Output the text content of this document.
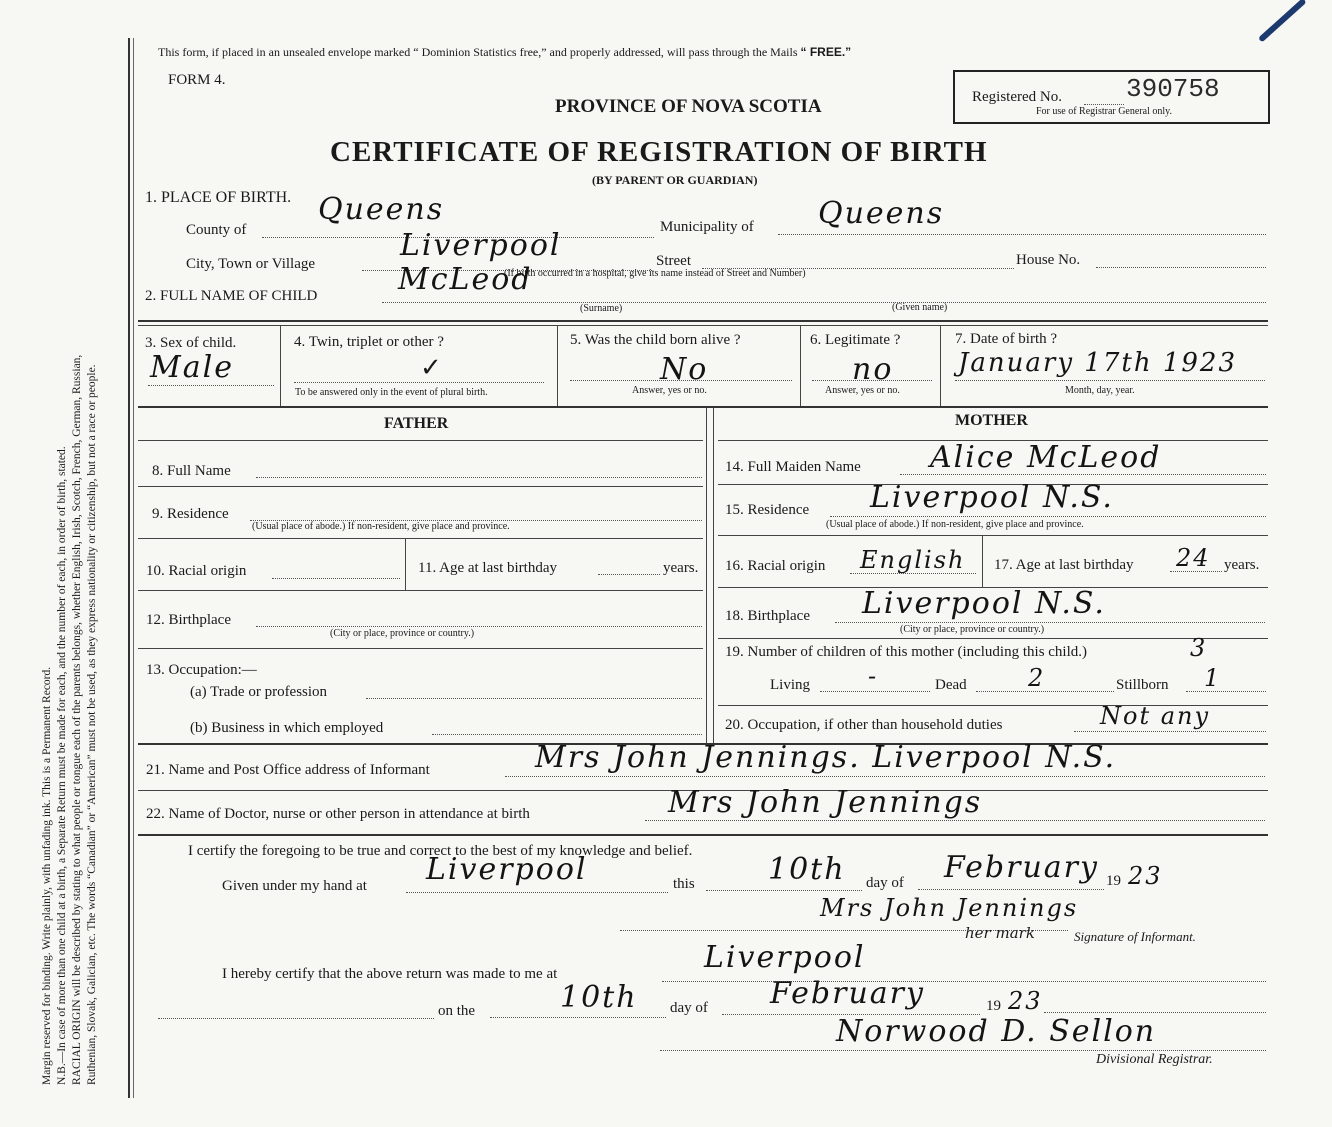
Margin reserved for binding. Write plainly, with unfading ink. This is a Permanent Record. N.B.—In case of more than one child at a birth, a Separate Return must be made for each, and the number of each, in order of birth, stated. RACIAL ORIGIN will be described by stating to what people or tongue each of the parents belongs, whether English, Irish, Scotch, French, German, Russian, Ruthenian, Slovak, Galician, etc. The words “Canadian” or “American” must not be used, as they express nationality or citizenship, but not a race or people.
This form, if placed in an unsealed envelope marked “ Dominion Statistics free,” and properly addressed, will pass through the Mails “ FREE.”
FORM 4.
PROVINCE OF NOVA SCOTIA
CERTIFICATE OF REGISTRATION OF BIRTH
(BY PARENT OR GUARDIAN)
Registered No. 390758
For use of Registrar General only.
1. PLACE OF BIRTH.
County of
Queens	Municipality of Queens
City, Town or Village
Liverpool	Street	House No.
(If birth occurred in a hospital, give its name instead of Street and Number)
2. FULL NAME OF CHILD	McLeod
(Surname)	(Given name)
3. Sex of child.
Male
4. Twin, triplet or other ?
✓
To be answered only in the event of plural birth.
5. Was the child born alive ?
No
Answer, yes or no.
6. Legitimate ?
no
Answer, yes or no.
7. Date of birth ?
January 17th 1923
Month, day, year.
FATHER	MOTHER
8. Full Name
9. Residence
(Usual place of abode.) If non-resident, give place and province.
10. Racial origin	11. Age at last birthday	years.
12. Birthplace
(City or place, province or country.)
13. Occupation:—
(a) Trade or profession
(b) Business in which employed
14. Full Maiden Name Alice McLeod
15. Residence Liverpool N.S.
(Usual place of abode.) If non-resident, give place and province.
16. Racial origin English 17. Age at last birthday 24 years.
18. Birthplace Liverpool N.S.
(City or place, province or country.)
19. Number of children of this mother (including this child.)	3
Living -	Dead	2	Stillborn 1
20. Occupation, if other than household duties	Not any
21. Name and Post Office address of Informant	Mrs John Jennings. Liverpool N.S.
22. Name of Doctor, nurse or other person in attendance at birth	Mrs John Jennings
I certify the foregoing to be true and correct to the best of my knowledge and belief.
Given under my hand at Liverpool	this 10th day of February 19 23
Mrs John Jennings
her mark	Signature of Informant.
I hereby certify that the above return was made to me at	Liverpool
on the	10th day of February	19 23
Norwood D. Sellon
Divisional Registrar.
